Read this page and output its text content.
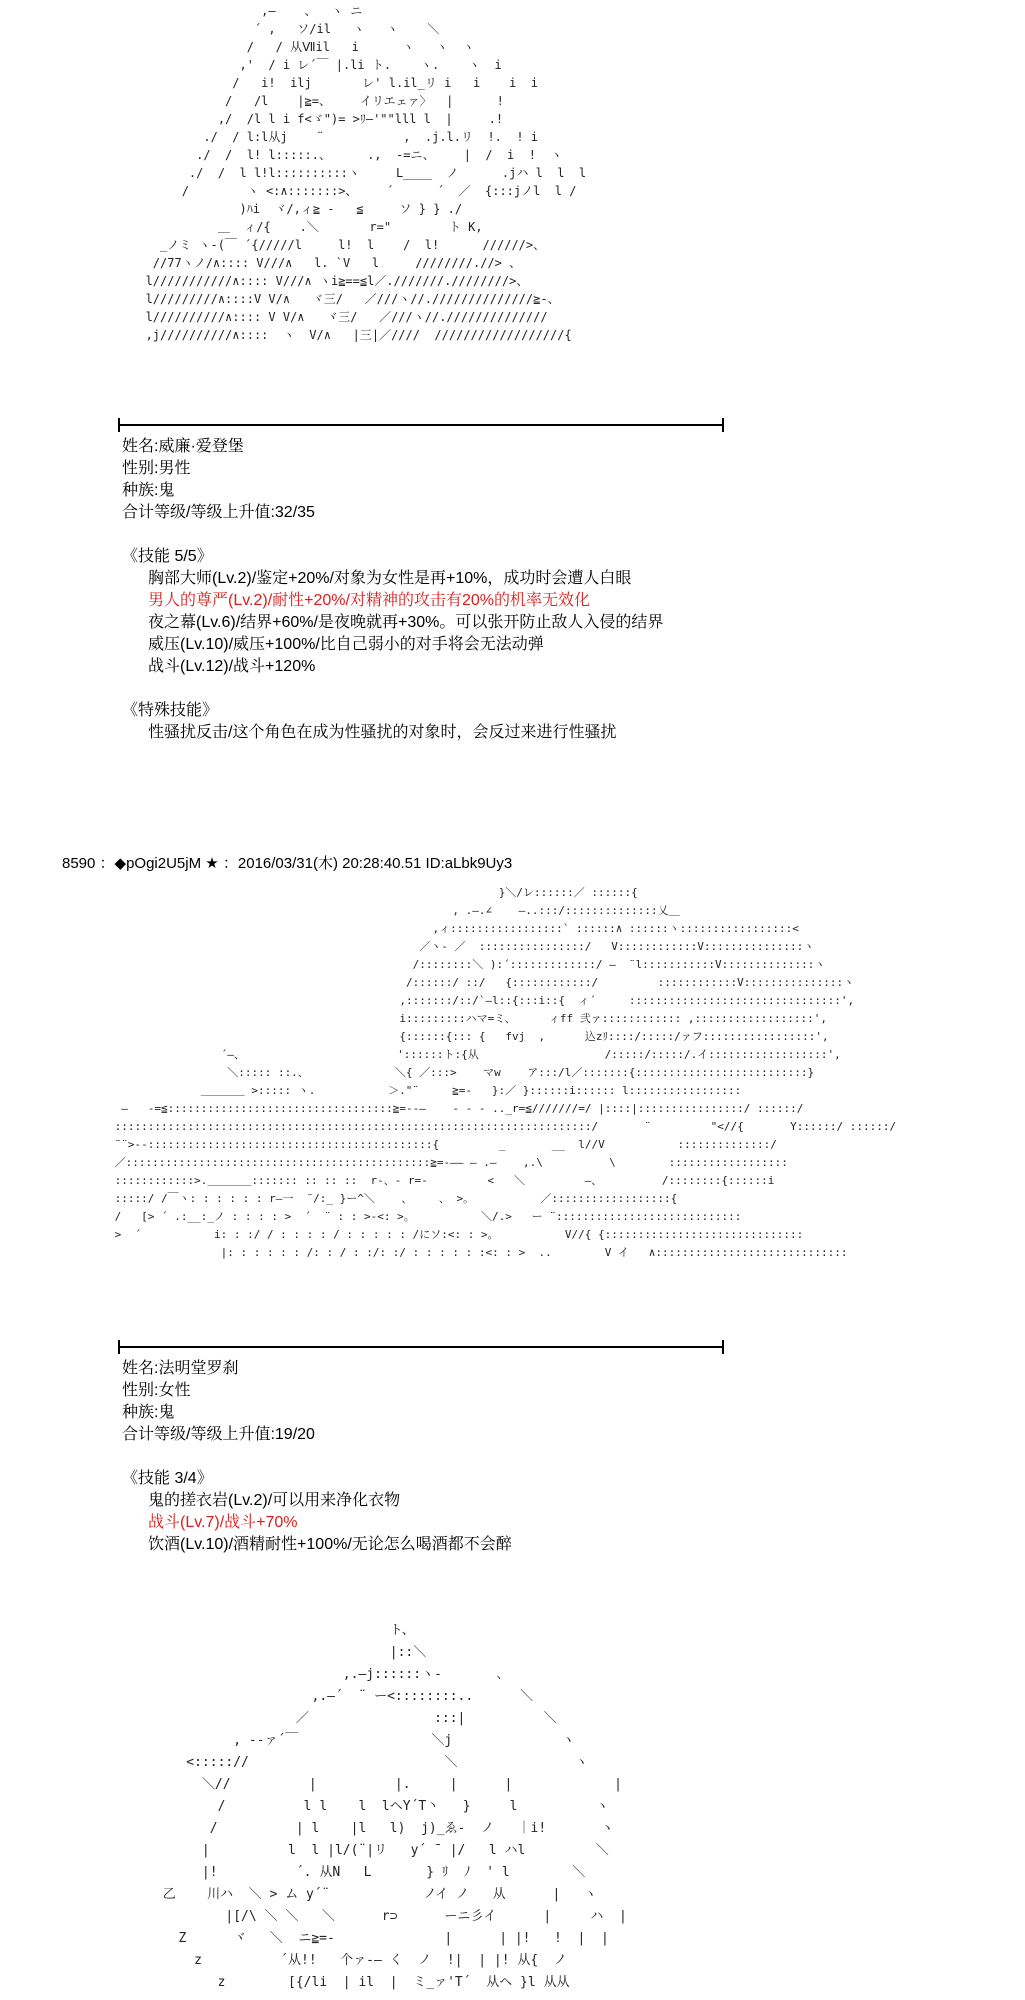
,—    、  ヽ ニ
´ ,   ソ/il   ヽ   ヽ    ＼
/   / 从Ⅶil   i      ヽ   ヽ  ヽ
,'  / i レ´￣ |.li ト.    ヽ.    ヽ  i
/   i!  ilj       レ' l.il_リ i   i    i  i
/   /l    |≧=、    イリエェァ〉  |      !
,/  /l l i f<ゞ")= >ﾘ—'""lll l  |     .!
./  / l:l从j    ¨           ,  .j.l.リ  !.  ! i
./  /  l! l:::::.、     .,  -=ニ、    |  /  i  !  ヽ
./  /  l l!l::::::::::ヽ     L____  ノ      .jハ l  l  l
/        ヽ <:∧:::::::>、    ´      ´  ／  {:::jノl  l /
)ﾊi  ヾ/,ィ≧ -   ≦     ソ } } ./
＿  ィ/{    .＼       r="        ト K,
_ノミ ヽ-(￣ ´{/////l     l!  l    /  l!      //////>、
//77ヽノ/∧:::: V///∧   l. `V   l     ////////.//> 、
l///////////∧:::: V///∧ ヽi≧==≦l／.///////.////////>、
l/////////∧::::V V/∧   ヾ三/   ／///ヽ//.//////////////≧-、
l//////////∧:::: V V/∧   ヾ三/   ／///ヽ//.//////////////
,j//////////∧::::  ヽ  V/∧   |三|／////  //////////////////{
姓名:威廉·爱登堡
性别:男性
种族:鬼
合计等级/等级上升值:32/35
《技能 5/5》
胸部大师(Lv.2)/鉴定+20%/对象为女性是再+10%，成功时会遭人白眼
男人的尊严(Lv.2)/耐性+20%/对精神的攻击有20%的机率无效化
夜之幕(Lv.6)/结界+60%/是夜晚就再+30%。可以张开防止敌人入侵的结界
威压(Lv.10)/威压+100%/比自己弱小的对手将会无法动弹
战斗(Lv.12)/战斗+120%
《特殊技能》
性骚扰反击/这个角色在成为性骚扰的对象时，会反过来进行性骚扰
8590 ：◆pOgi2U5jM ★ ：2016/03/31(木) 20:28:40.51 ID:aLbk9Uy3
}＼/レ::::::／ ::::::{
, .—.∠    —..:::/::::::::::::::乂＿
,ィ:::::::::::::::::` ::::::∧ ::::::ヽ:::::::::::::::::<
／ヽ- ／  ::::::::::::::::/   V::::::::::::V:::::::::::::::ヽ
/::::::::＼ ):´:::::::::::::/ —  ¨l:::::::::::V::::::::::::::ヽ
/::::::/ ::/   {::::::::::::/         ::::::::::::V:::::::::::::::ヽ
,:::::::/::/`—l::{:::i::{  ィ´     ::::::::::::::::::::::::::::::::',
i:::::::::ハマ=ミ、     ィff 弐ァ:::::::::::: ,::::::::::::::::::',
{::::::{::: {   fvj  ,      込zﾘ::::/:::::/ァフ:::::::::::::::::',
´—、                       '::::::ト:{从                   /:::::/:::::/.イ::::::::::::::::::',
＼::::: ::.、             ＼{ ／:::>    マw    ア:::/l／:::::::{::::::::::::::::::::::::::}
＿＿＿＿ >::::: ヽ.           ＞."¨     ≧=-   }:／ }::::::i:::::: l:::::::::::::::::
—   -=≦::::::::::::::::::::::::::::::::::≧=--—    - ‐ - .._r=≦///////=/ |::::|::::::::::::::::/ ::::::/
::::::::::::::::::::::::::::::::::::::::::::::::::::::::::::::::::::::::/       ¨         "<//{       Y::::::/ ::::::/
¨¨>--:::::::::::::::::::::::::::::::::::::::::::{         _       __  l//V           ::::::::::::::/
／::::::::::::::::::::::::::::::::::::::::::::::≧=-—— — .—    ,.\          \        ::::::::::::::::::
::::::::::::>.＿＿＿＿::::::: :: :: ::  r-、- r=-         <   ＼         —、         /::::::::{::::::i
:::::/ /￣ヽ: : : : : : r—一  ¨/:_ }ー^＼    、    、 >。          ／::::::::::::::::::{
/   [> ´ .:__:_ノ : : : : >  ´  ¨ : : >-<: >。          ＼/.>   ー ¨::::::::::::::::::::::::::::
>  ´           i: : :/ / : : : : / : : : : : /にソ:<: : >。          V//{ {::::::::::::::::::::::::::::::
|: : : : : : /: : / : :/: :/ : : : : : :<: : >  ..        V イ   ∧:::::::::::::::::::::::::::::
姓名:法明堂罗刹
性别:女性
种族:鬼
合计等级/等级上升值:19/20
《技能 3/4》
鬼的搓衣岩(Lv.2)/可以用来净化衣物
战斗(Lv.7)/战斗+70%
饮酒(Lv.10)/酒精耐性+100%/无论怎么喝酒都不会醉
ト、
|::＼
,.—j::::::ヽ-       ､
,.—´  ¨ ー<::::::::..      ＼
／                :::|          ＼
, --ァ´￣                 ＼j              ヽ
<::::://                         ＼               ヽ
＼//          |          |.     |      |             |
/          l l    l  lヘY´T丶   }     l          ヽ
/          | l    |l   l)  j)_ゑ-  ノ   ｜i!       ヽ
|          l  l |l/(¨|リ   y´ ̄  |/   l ハl         ＼
|!          ´. 从N   L       } ﾘ  ﾉ  ' l        ＼
乙    川ハ  ＼ > ム y´¨            ノイ ノ   从      |   ヽ
|[/\ ＼ ＼   ＼      r⊃      ーニ彡イ      |     ハ  |
Z      ヾ   ＼  ニ≧=-              |      | |!   !  |  |
z          ´从!!   个ァ‐— く  ノ  !|  | |! 从{  ノ
z        [{/li  | il  |  ミ_ァ'T´  从ヘ }l 从从
